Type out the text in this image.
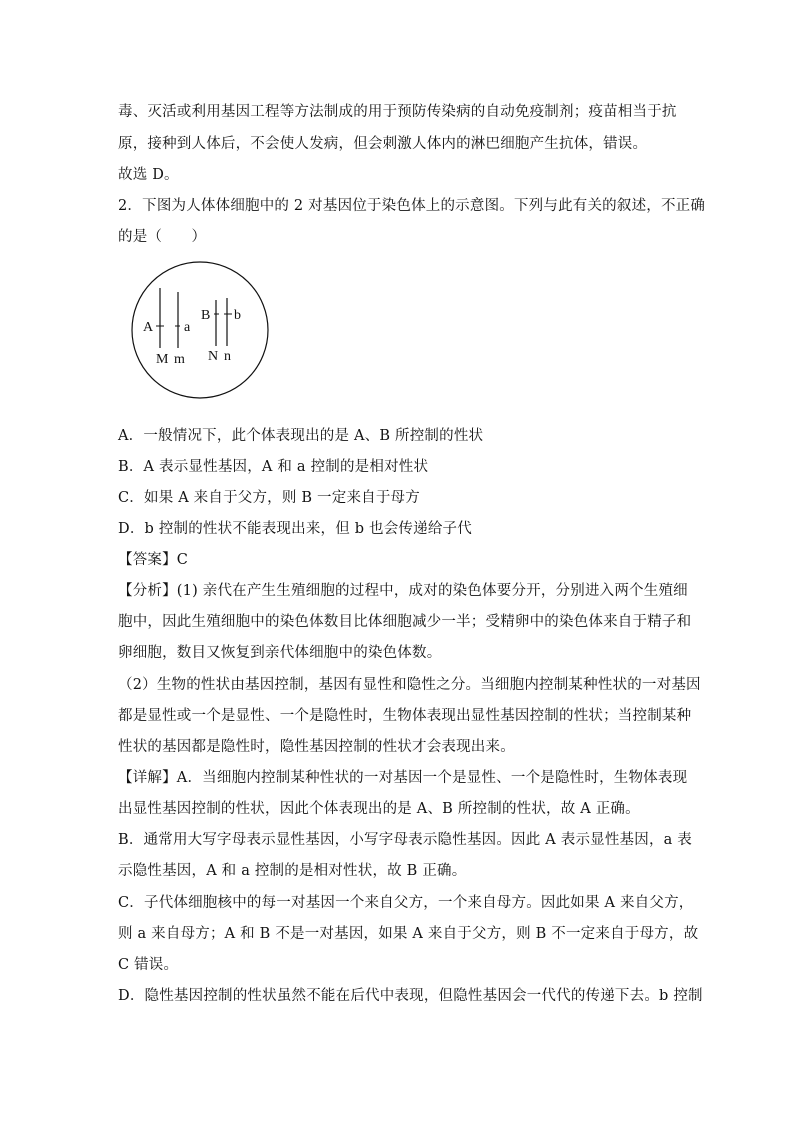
毒、灭活或利用基因工程等方法制成的用于预防传染病的自动免疫制剂；疫苗相当于抗
原，接种到人体后，不会使人发病，但会刺激人体内的淋巴细胞产生抗体，错误。
故选 D。
2．下图为人体体细胞中的 2 对基因位于染色体上的示意图。下列与此有关的叙述，不正确
的是（　　）
A a
B b
M m N n
A．一般情况下，此个体表现出的是 A、B 所控制的性状
B．A 表示显性基因，A 和 a 控制的是相对性状
C．如果 A 来自于父方，则 B 一定来自于母方
D．b 控制的性状不能表现出来，但 b 也会传递给子代
【答案】C
【分析】(1) 亲代在产生生殖细胞的过程中，成对的染色体要分开，分别进入两个生殖细
胞中，因此生殖细胞中的染色体数目比体细胞减少一半；受精卵中的染色体来自于精子和
卵细胞，数目又恢复到亲代体细胞中的染色体数。
（2）生物的性状由基因控制，基因有显性和隐性之分。当细胞内控制某种性状的一对基因
都是显性或一个是显性、一个是隐性时，生物体表现出显性基因控制的性状；当控制某种
性状的基因都是隐性时，隐性基因控制的性状才会表现出来。
【详解】A．当细胞内控制某种性状的一对基因一个是显性、一个是隐性时，生物体表现
出显性基因控制的性状，因此个体表现出的是 A、B 所控制的性状，故 A 正确。
B．通常用大写字母表示显性基因，小写字母表示隐性基因。因此 A 表示显性基因，a 表
示隐性基因，A 和 a 控制的是相对性状，故 B 正确。
C．子代体细胞核中的每一对基因一个来自父方，一个来自母方。因此如果 A 来自父方，
则 a 来自母方；A 和 B 不是一对基因，如果 A 来自于父方，则 B 不一定来自于母方，故
C 错误。
D．隐性基因控制的性状虽然不能在后代中表现，但隐性基因会一代代的传递下去。b 控制
